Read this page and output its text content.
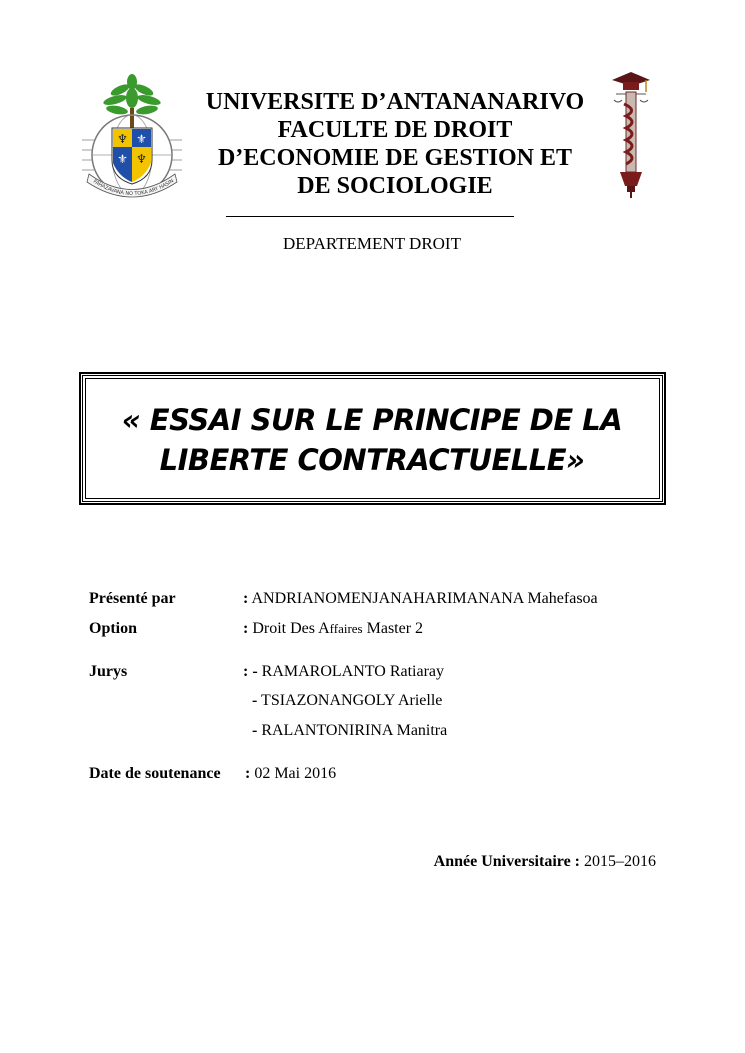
UNIVERSITE D’ANTANANARIVO
FACULTE DE DROIT
D’ECONOMIE DE GESTION ET
DE SOCIOLOGIE
DEPARTEMENT DROIT
♆ ⚜
⚜ ♆
FAHAZAVANA NO TOKA ARY HASIN
« ESSAI SUR LE PRINCIPE DE LA
LIBERTE CONTRACTUELLE»
Présenté par	: ANDRIANOMENJANAHARIMANANA Mahefasoa
Option	: Droit Des Affaires Master 2
Jurys	: - RAMAROLANTO Ratiaray
- TSIAZONANGOLY Arielle
- RALANTONIRINA Manitra
Date de soutenance : 02 Mai 2016
Année Universitaire : 2015–2016
